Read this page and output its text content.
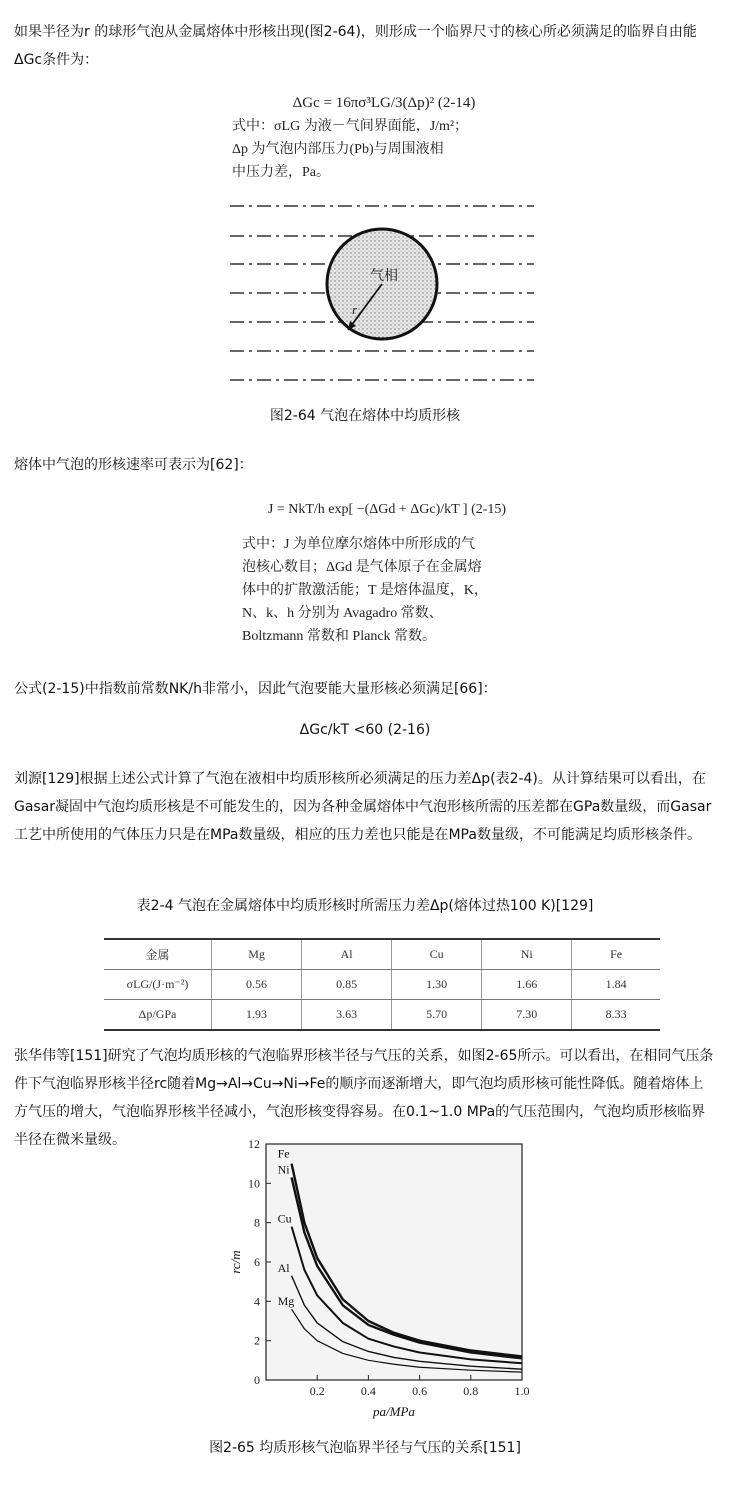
如果半径为r 的球形气泡从金属熔体中形核出现(图2-64)，则形成一个临界尺寸的核心所必须满足的临界自由能ΔGc条件为：
ΔGc = 16πσ³LG/3(Δp)² (2-14)
式中：σLG 为液－气间界面能，J/m²；
Δp 为气泡内部压力(Pb)与周围液相
中压力差，Pa。
气相
r
图2-64 气泡在熔体中均质形核
熔体中气泡的形核速率可表示为[62]：
J = NkT/h exp[ −(ΔGd + ΔGc)/kT ] (2-15)
式中：J 为单位摩尔熔体中所形成的气
泡核心数目；ΔGd 是气体原子在金属熔
体中的扩散激活能；T 是熔体温度，K，
N、k、h 分别为 Avagadro 常数、
Boltzmann 常数和 Planck 常数。
公式(2-15)中指数前常数NK/h非常小，因此气泡要能大量形核必须满足[66]：
ΔGc/kT <60 (2-16)
刘源[129]根据上述公式计算了气泡在液相中均质形核所必须满足的压力差Δp(表2-4)。从计算结果可以看出，在Gasar凝固中气泡均质形核是不可能发生的，因为各种金属熔体中气泡形核所需的压差都在GPa数量级，而Gasar工艺中所使用的气体压力只是在MPa数量级，相应的压力差也只能是在MPa数量级，不可能满足均质形核条件。
表2-4 气泡在金属熔体中均质形核时所需压力差Δp(熔体过热100 K)[129]
金属	Mg	Al	Cu	Ni	Fe
σLG/(J·m⁻²)	0.56	0.85	1.30	1.66	1.84
Δp/GPa	1.93	3.63	5.70	7.30	8.33
张华伟等[151]研究了气泡均质形核的气泡临界形核半径与气压的关系，如图2-65所示。可以看出，在相同气压条件下气泡临界形核半径rc随着Mg→Al→Cu→Ni→Fe的顺序而逐渐增大，即气泡均质形核可能性降低。随着熔体上方气压的增大，气泡临界形核半径减小，气泡形核变得容易。在0.1~1.0 MPa的气压范围内，气泡均质形核临界半径在微米量级。
0
2
4
6
8
10
12
0.2	0.4	0.6	0.8	1.0
Fe
Ni
Cu
Al
Mg
pa/MPa
rc/m
图2-65 均质形核气泡临界半径与气压的关系[151]
